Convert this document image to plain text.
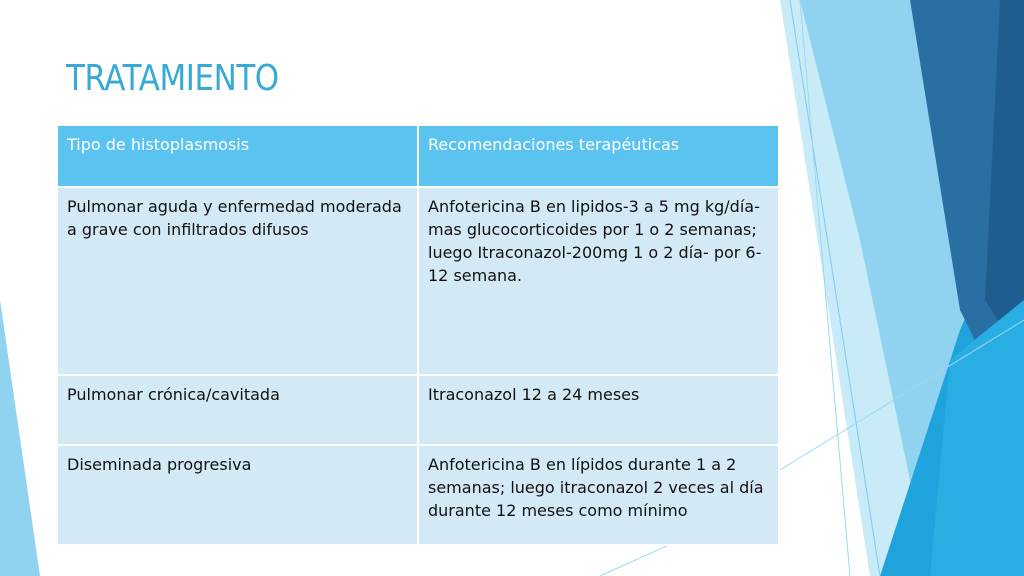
TRATAMIENTO
Tipo de histoplasmosis	Recomendaciones terapéuticas
Pulmonar aguda y enfermedad moderada a grave con infiltrados difusos	Anfotericina B en lipidos-3 a 5 mg kg/día- mas glucocorticoides por 1 o 2 semanas; luego Itraconazol-200mg 1 o 2 día- por 6-12 semana.
Pulmonar crónica/cavitada	Itraconazol 12 a 24 meses
Diseminada progresiva	Anfotericina B en lípidos durante 1 a 2 semanas; luego itraconazol 2 veces al día durante 12 meses como mínimo
